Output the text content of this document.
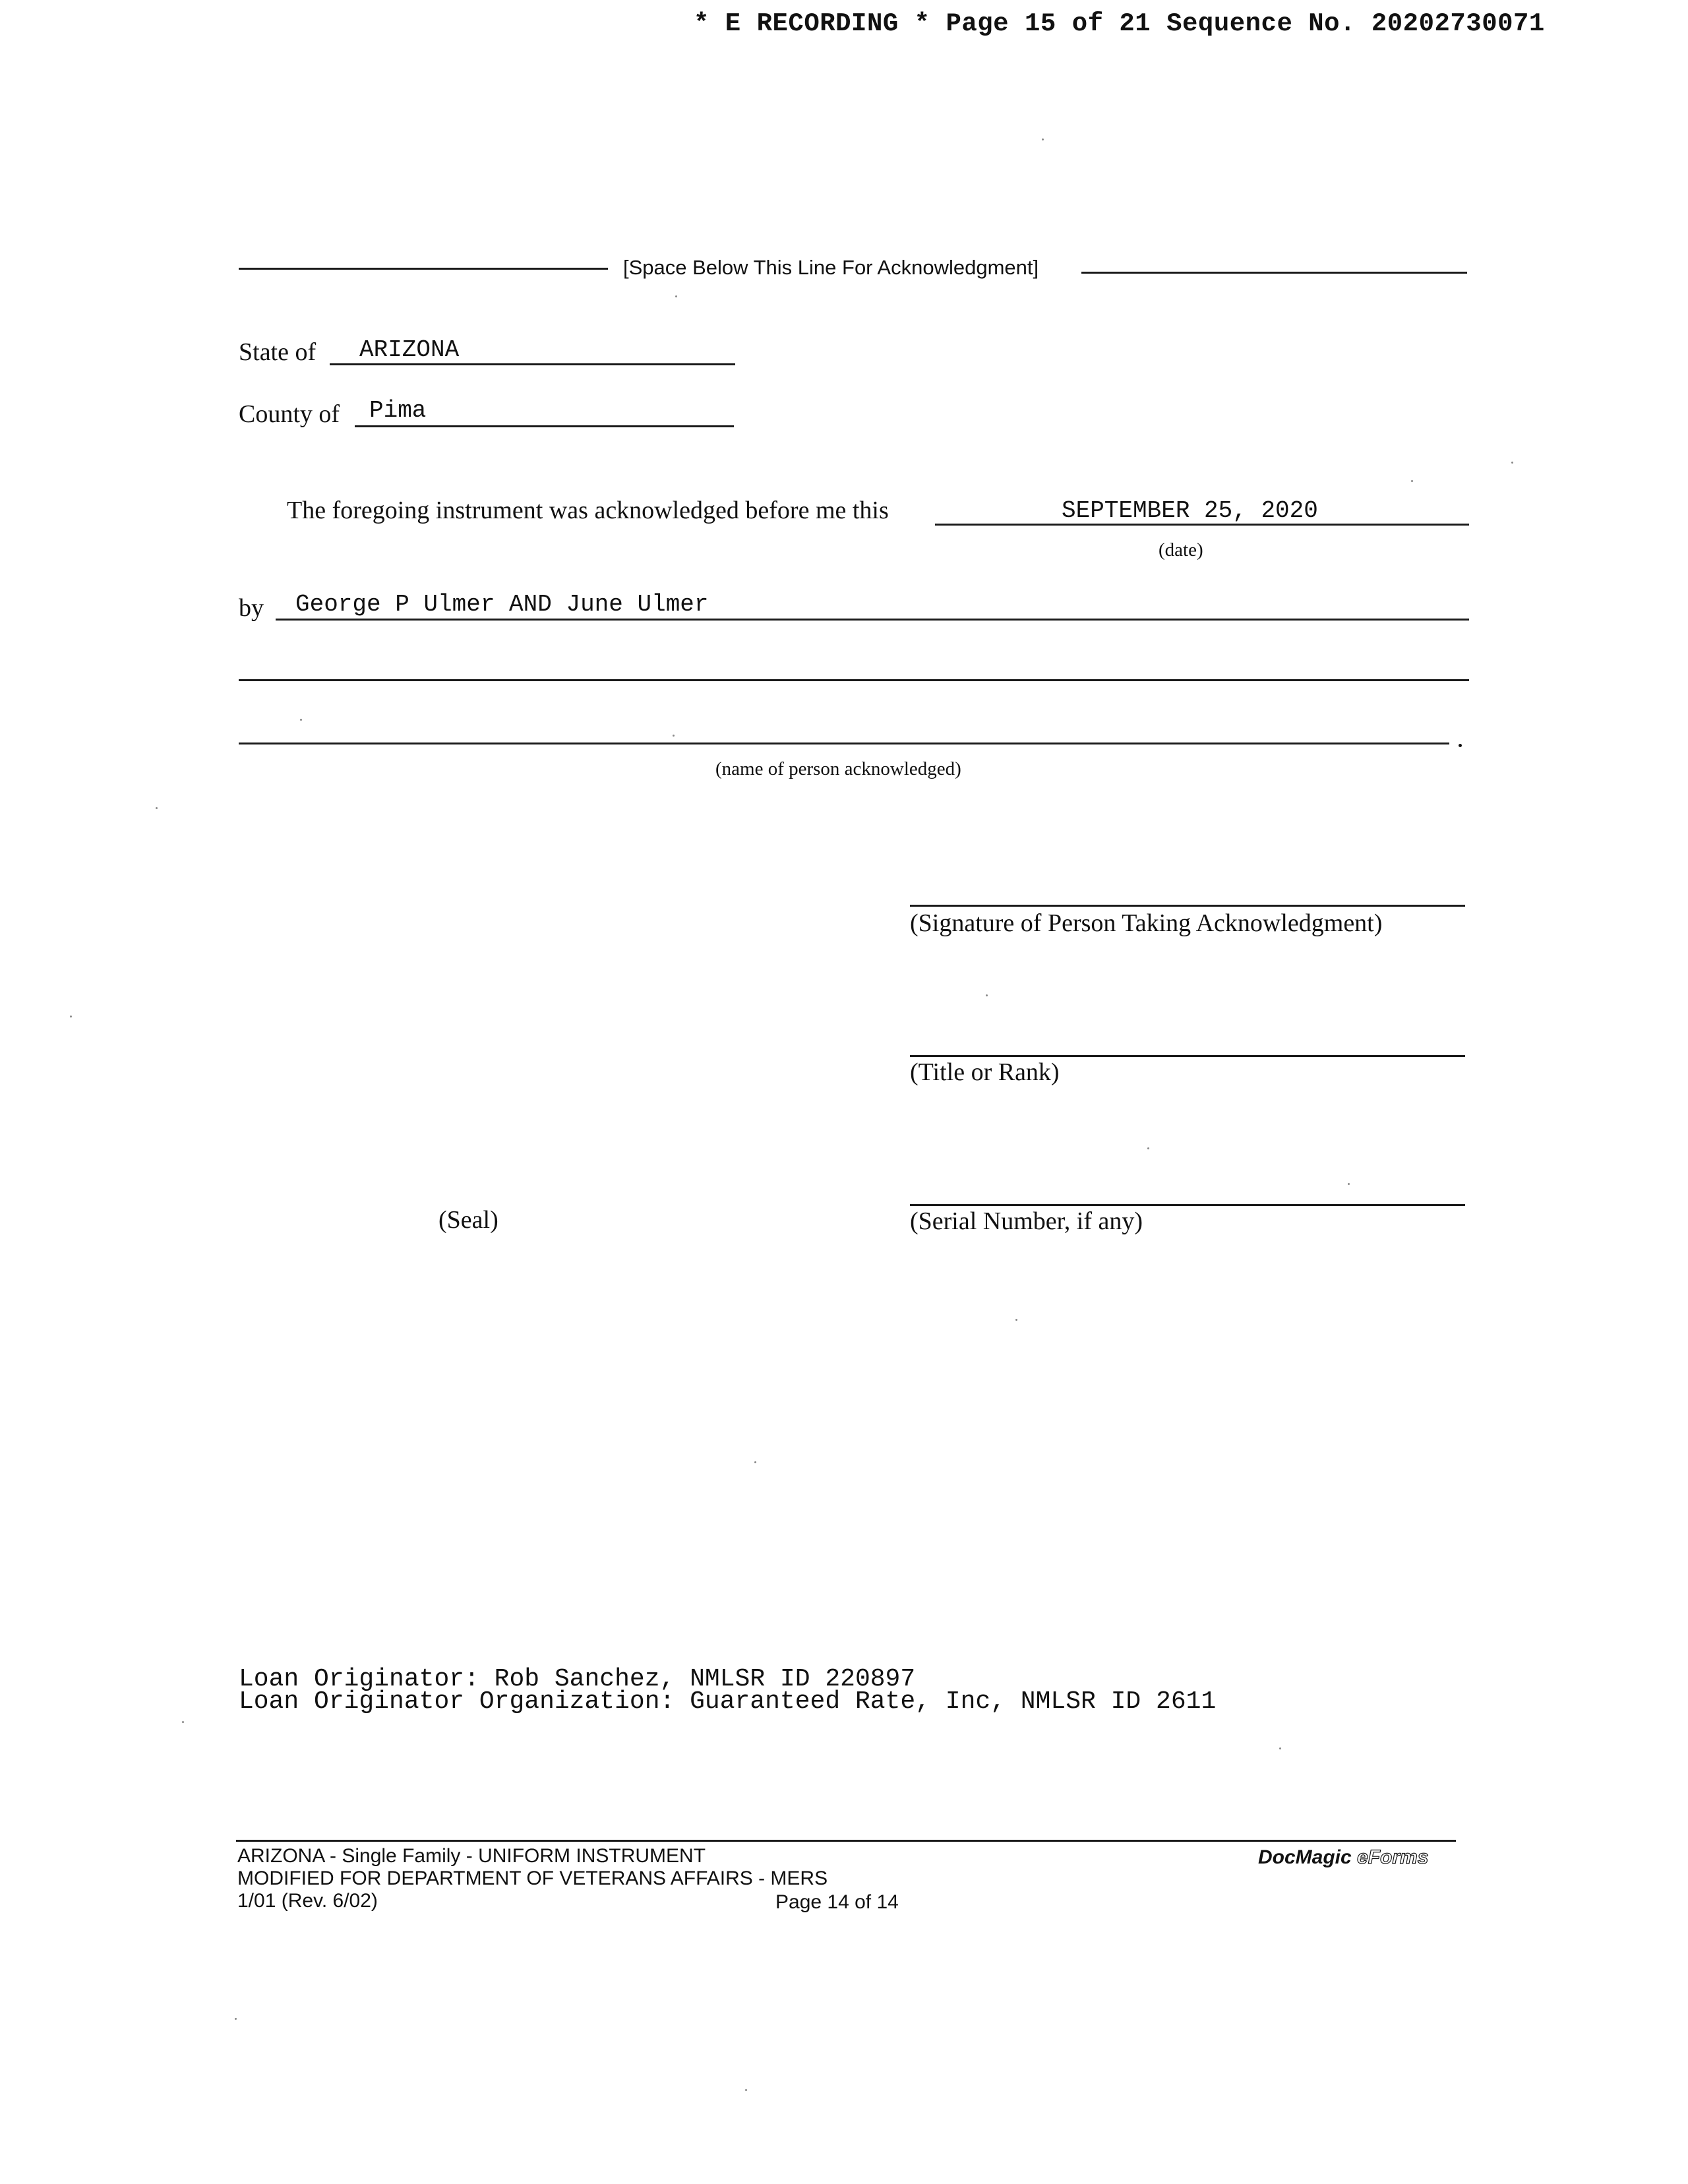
* E RECORDING * Page 15 of 21 Sequence No. 20202730071
[Space Below This Line For Acknowledgment]
State of ARIZONA
County of Pima
The foregoing instrument was acknowledged before me this	SEPTEMBER 25, 2020
(date)
by George P Ulmer AND June Ulmer
(name of person acknowledged)
(Signature of Person Taking Acknowledgment)
(Title or Rank)
(Serial Number, if any)
(Seal)
Loan Originator: Rob Sanchez, NMLSR ID 220897
Loan Originator Organization: Guaranteed Rate, Inc, NMLSR ID 2611
ARIZONA - Single Family - UNIFORM INSTRUMENT
MODIFIED FOR DEPARTMENT OF VETERANS AFFAIRS - MERS
1/01 (Rev. 6/02)	Page 14 of 14
DocMagic eForms
